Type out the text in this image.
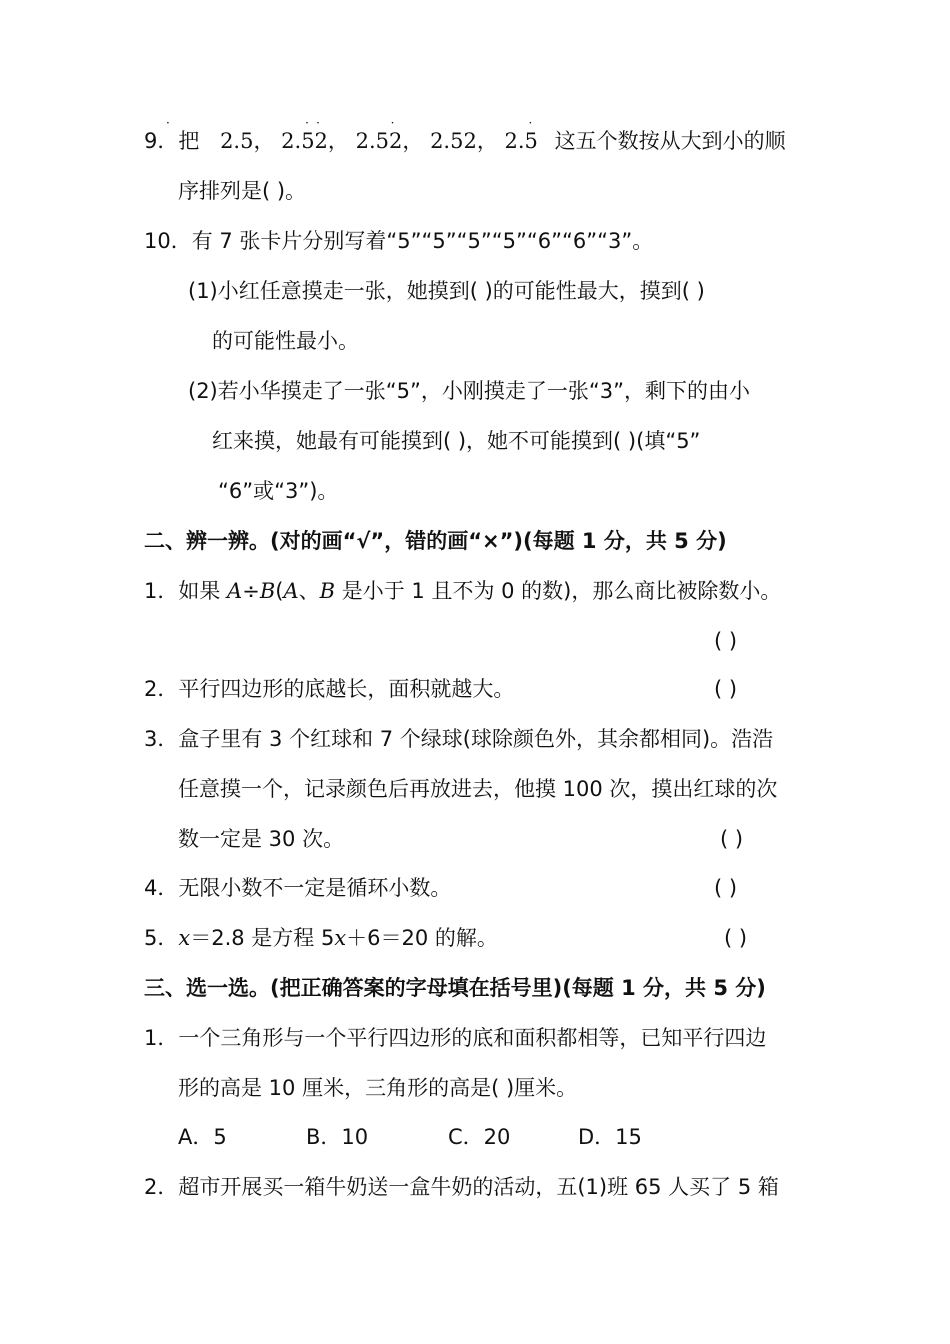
9．把 2.5
·
， 2.52
· ·
， 2.52
·
， 2.52， 2.5
·
这五个数按从大到小的顺
序排列是( )。
10．有 7 张卡片分别写着“5”“5”“5”“5”“6”“6”“3”。
(1)小红任意摸走一张，她摸到( )的可能性最大，摸到( )
的可能性最小。
(2)若小华摸走了一张“5”，小刚摸走了一张“3”，剩下的由小
红来摸，她最有可能摸到( )，她不可能摸到( )(填“5”
“6”或“3”)。
二、辨一辨。(对的画“√”，错的画“×”)(每题 1 分，共 5 分)
1．如果 A÷B(A、B 是小于 1 且不为 0 的数)，那么商比被除数小。
( )
2．平行四边形的底越长，面积就越大。	( )
3．盒子里有 3 个红球和 7 个绿球(球除颜色外，其余都相同)。浩浩
任意摸一个，记录颜色后再放进去，他摸 100 次，摸出红球的次
数一定是 30 次。	( )
4．无限小数不一定是循环小数。	( )
5．x＝2.8 是方程 5x＋6＝20 的解。	( )
三、选一选。(把正确答案的字母填在括号里)(每题 1 分，共 5 分)
1．一个三角形与一个平行四边形的底和面积都相等，已知平行四边
形的高是 10 厘米，三角形的高是( )厘米。
A．5	B．10	C．20	D．15
2．超市开展买一箱牛奶送一盒牛奶的活动，五(1)班 65 人买了 5 箱
